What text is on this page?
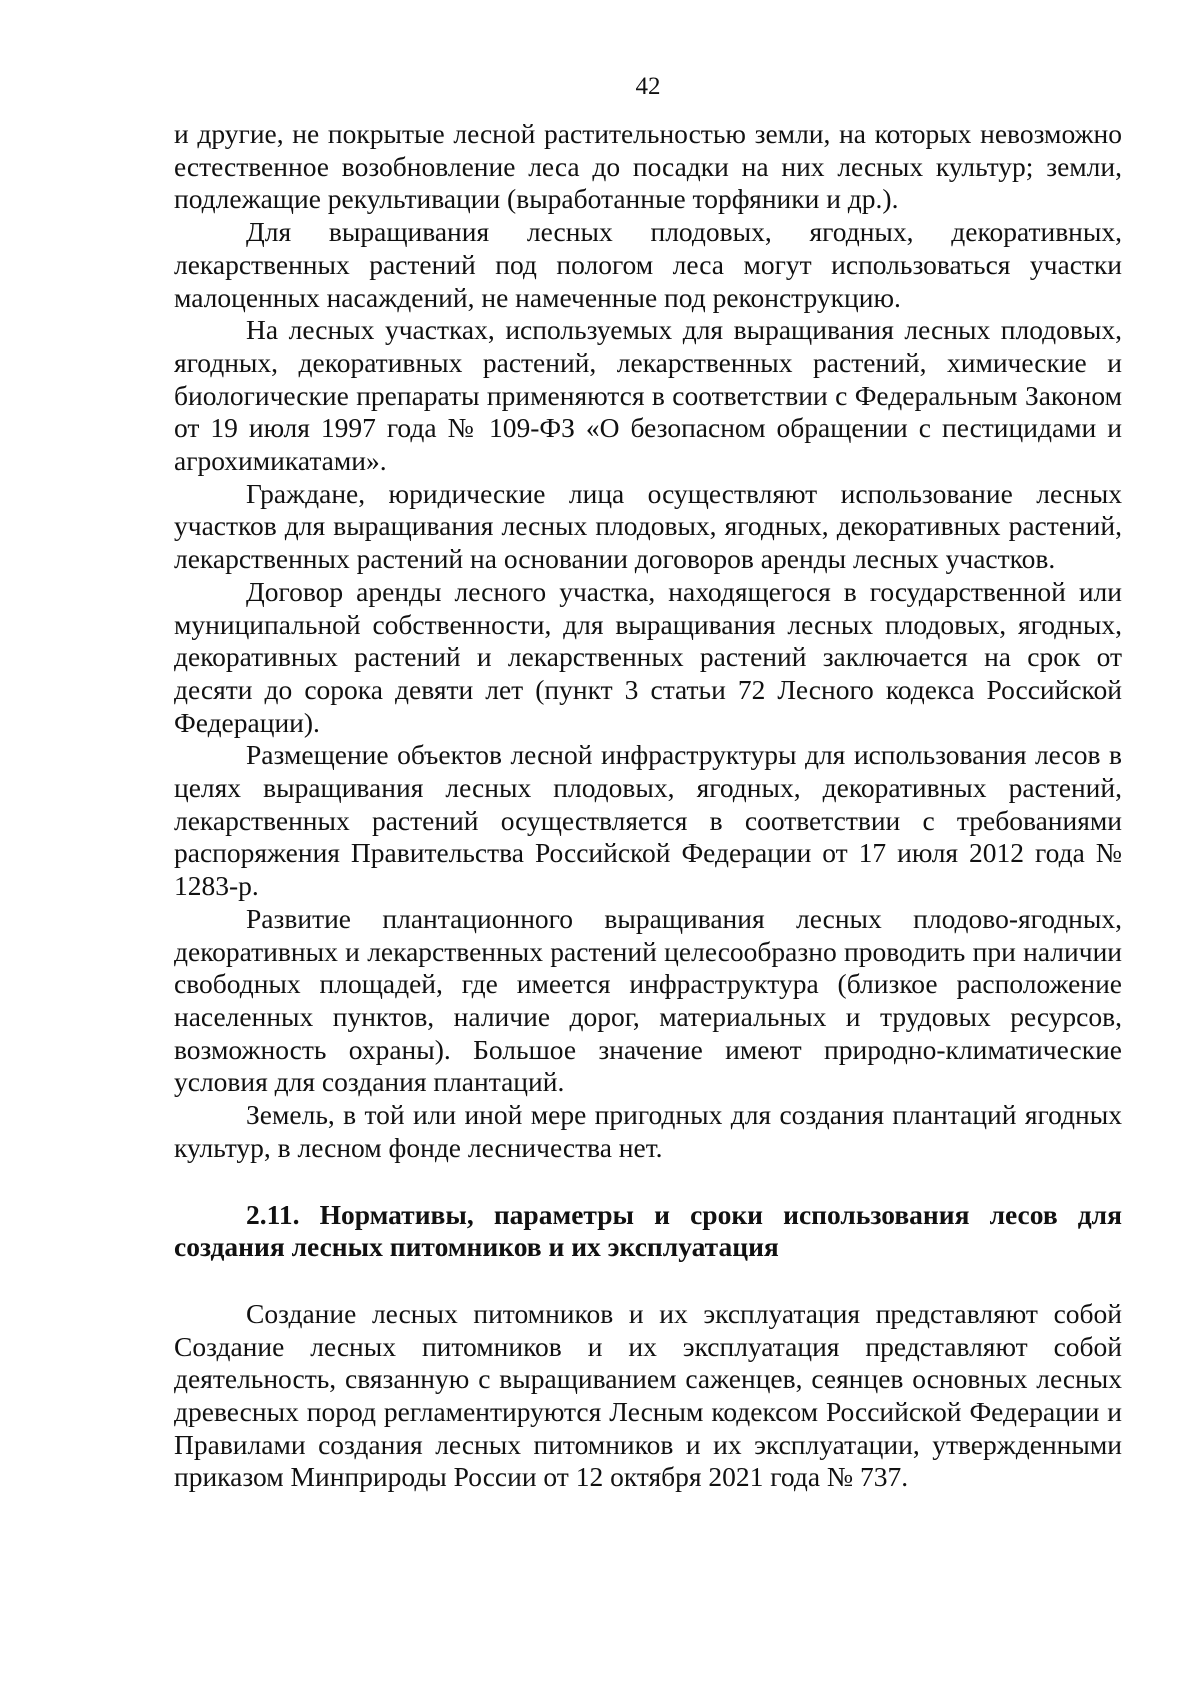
42

и другие, не покрытые лесной растительностью земли, на которых невозможно естественное возобновление леса до посадки на них лесных культур; земли, подлежащие рекультивации (выработанные торфяники и др.).

Для выращивания лесных плодовых, ягодных, декоративных, лекарственных растений под пологом леса могут использоваться участки малоценных насаждений, не намеченные под реконструкцию.

На лесных участках, используемых для выращивания лесных плодовых, ягодных, декоративных растений, лекарственных растений, химические и биологические препараты применяются в соответствии с Федеральным Законом от 19 июля 1997 года № 109-ФЗ «О безопасном обращении с пестицидами и агрохимикатами».

Граждане, юридические лица осуществляют использование лесных участков для выращивания лесных плодовых, ягодных, декоративных растений, лекарственных растений на основании договоров аренды лесных участков.

Договор аренды лесного участка, находящегося в государственной или муниципальной собственности, для выращивания лесных плодовых, ягодных, декоративных растений и лекарственных растений заключается на срок от десяти до сорока девяти лет (пункт 3 статьи 72 Лесного кодекса Российской Федерации).

Размещение объектов лесной инфраструктуры для использования лесов в целях выращивания лесных плодовых, ягодных, декоративных растений, лекарственных растений осуществляется в соответствии с требованиями распоряжения Правительства Российской Федерации от 17 июля 2012 года № 1283-р.

Развитие плантационного выращивания лесных плодово-ягодных, декоративных и лекарственных растений целесообразно проводить при наличии свободных площадей, где имеется инфраструктура (близкое расположение населенных пунктов, наличие дорог, материальных и трудовых ресурсов, возможность охраны). Большое значение имеют природно-климатические условия для создания плантаций.

Земель, в той или иной мере пригодных для создания плантаций ягодных культур, в лесном фонде лесничества нет.

2.11. Нормативы, параметры и сроки использования лесов для создания лесных питомников и их эксплуатация

Создание лесных питомников и их эксплуатация представляют собой Создание лесных питомников и их эксплуатация представляют собой деятельность, связанную с выращиванием саженцев, сеянцев основных лесных древесных пород регламентируются Лесным кодексом Российской Федерации и Правилами создания лесных питомников и их эксплуатации, утвержденными приказом Минприроды России от 12 октября 2021 года № 737.
